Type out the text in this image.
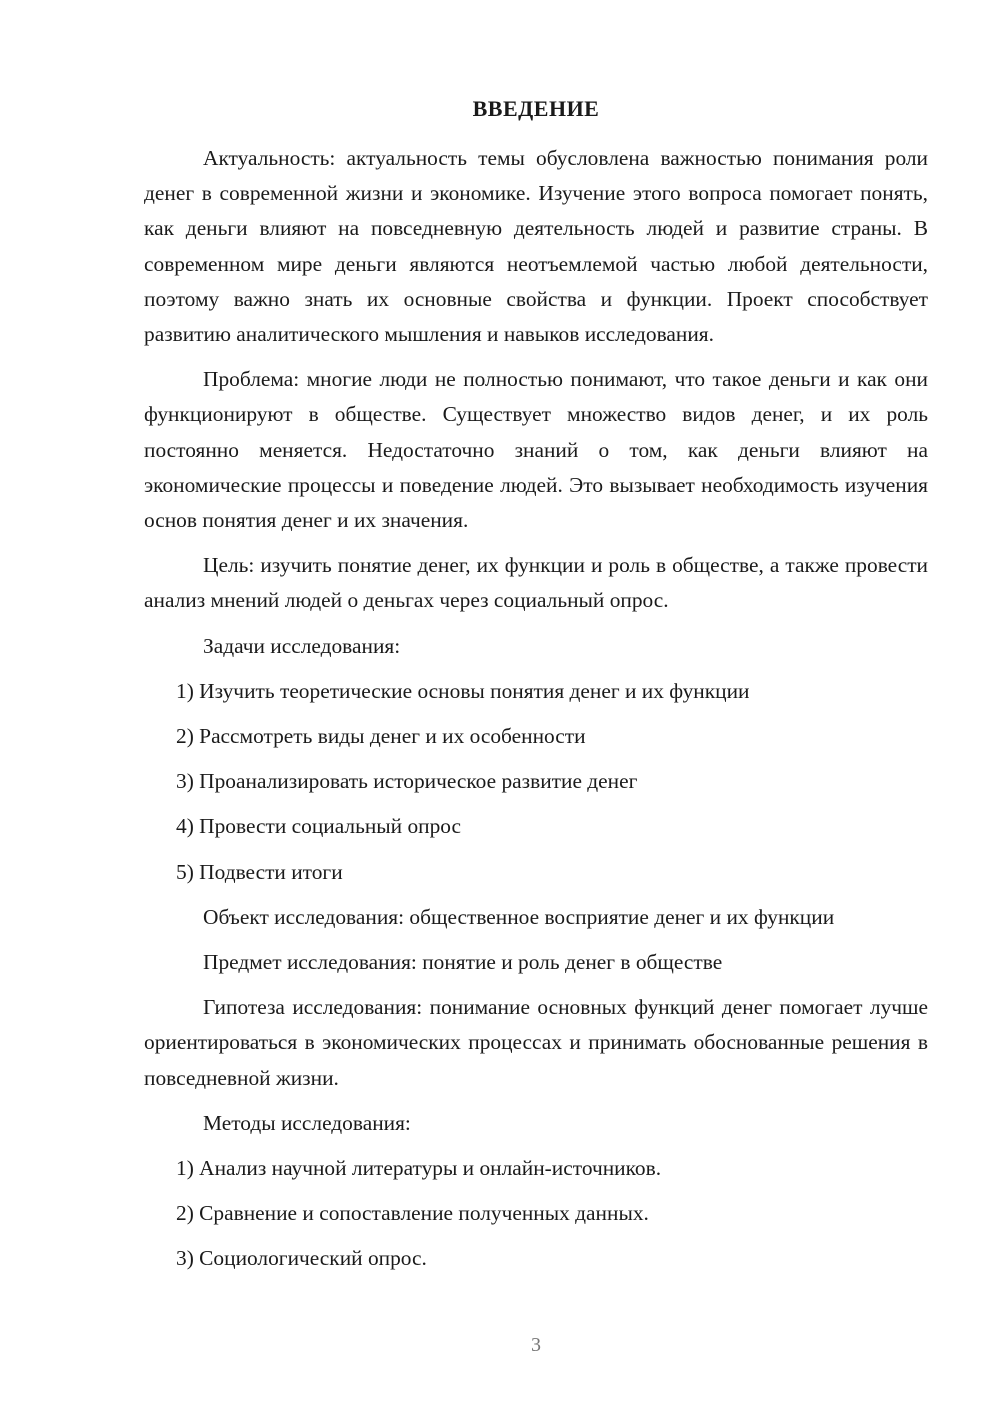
ВВЕДЕНИЕ

Актуальность: актуальность темы обусловлена важностью понимания роли денег в современной жизни и экономике. Изучение этого вопроса помогает понять, как деньги влияют на повседневную деятельность людей и развитие страны. В современном мире деньги являются неотъемлемой частью любой деятельности, поэтому важно знать их основные свойства и функции. Проект способствует развитию аналитического мышления и навыков исследования.

Проблема: многие люди не полностью понимают, что такое деньги и как они функционируют в обществе. Существует множество видов денег, и их роль постоянно меняется. Недостаточно знаний о том, как деньги влияют на экономические процессы и поведение людей. Это вызывает необходимость изучения основ понятия денег и их значения.

Цель: изучить понятие денег, их функции и роль в обществе, а также провести анализ мнений людей о деньгах через социальный опрос.

Задачи исследования:

1) Изучить теоретические основы понятия денег и их функции

2) Рассмотреть виды денег и их особенности

3) Проанализировать историческое развитие денег

4) Провести социальный опрос

5) Подвести итоги

Объект исследования: общественное восприятие денег и их функции

Предмет исследования: понятие и роль денег в обществе

Гипотеза исследования: понимание основных функций денег помогает лучше ориентироваться в экономических процессах и принимать обоснованные решения в повседневной жизни.

Методы исследования:

1) Анализ научной литературы и онлайн-источников.

2) Сравнение и сопоставление полученных данных.

3) Социологический опрос.

3
